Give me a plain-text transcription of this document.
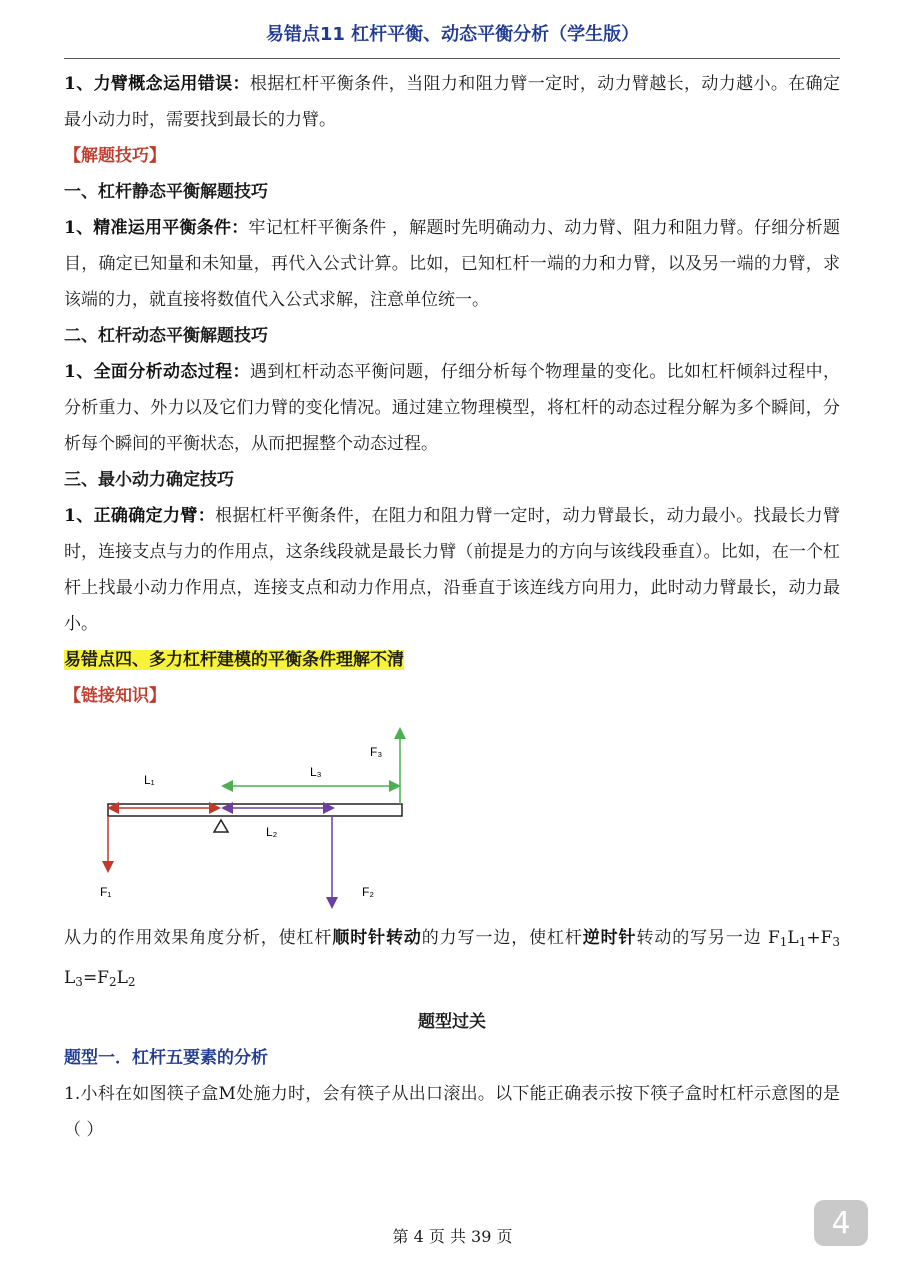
易错点11 杠杆平衡、动态平衡分析（学生版）

1、力臂概念运用错误：根据杠杆平衡条件，当阻力和阻力臂一定时，动力臂越长，动力越小。在确定最小动力时，需要找到最长的力臂。

【解题技巧】

一、杠杆静态平衡解题技巧

1、精准运用平衡条件：牢记杠杆平衡条件 ，解题时先明确动力、动力臂、阻力和阻力臂。仔细分析题目，确定已知量和未知量，再代入公式计算。比如，已知杠杆一端的力和力臂，以及另一端的力臂，求该端的力，就直接将数值代入公式求解，注意单位统一。

二、杠杆动态平衡解题技巧

1、全面分析动态过程：遇到杠杆动态平衡问题，仔细分析每个物理量的变化。比如杠杆倾斜过程中，分析重力、外力以及它们力臂的变化情况。通过建立物理模型，将杠杆的动态过程分解为多个瞬间，分析每个瞬间的平衡状态，从而把握整个动态过程。

三、最小动力确定技巧

1、正确确定力臂：根据杠杆平衡条件，在阻力和阻力臂一定时，动力臂最长，动力最小。找最长力臂时，连接支点与力的作用点，这条线段就是最长力臂（前提是力的方向与该线段垂直）。比如，在一个杠杆上找最小动力作用点，连接支点和动力作用点，沿垂直于该连线方向用力，此时动力臂最长，动力最小。

易错点四、多力杠杆建模的平衡条件理解不清

【链接知识】

L₁
L₂
L₃
F₁	F₂
F₃

从力的作用效果角度分析，使杠杆顺时针转动的力写一边，使杠杆逆时针转动的写另一边 $F_1L_1+F_3$ $L_3=F_2L_2$

题型过关

题型一．杠杆五要素的分析

1.小科在如图筷子盒M处施力时，会有筷子从出口滚出。以下能正确表示按下筷子盒时杠杆示意图的是（ ）

第 4 页 共 39 页	4
